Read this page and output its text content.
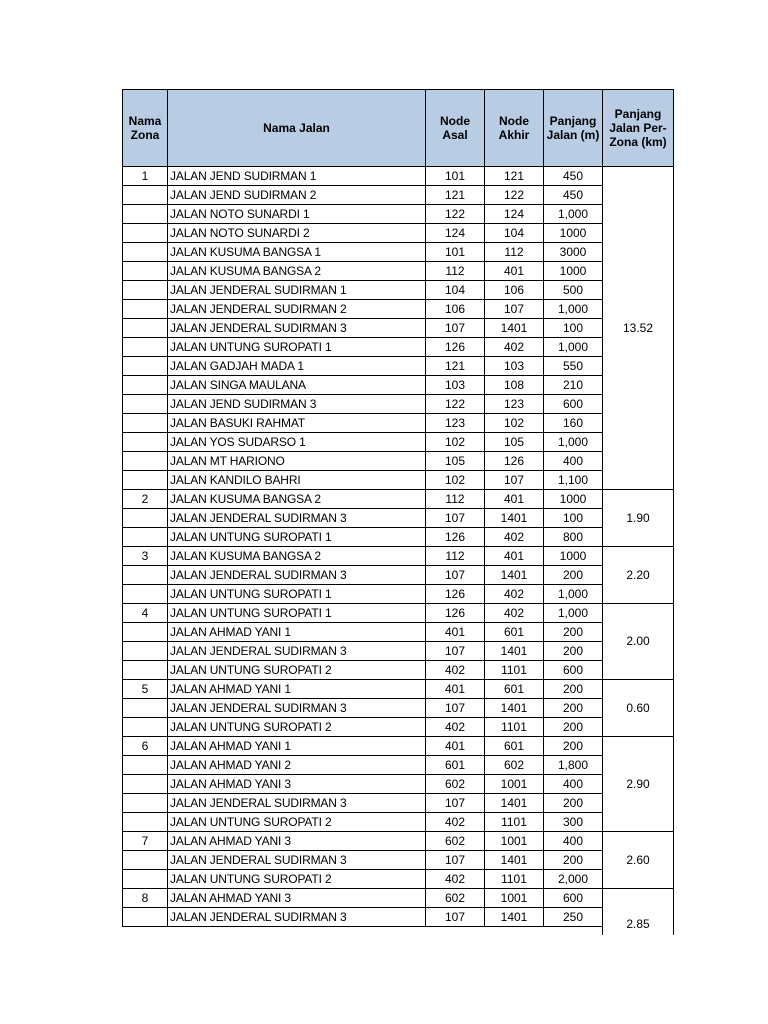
Nama Zona	Nama Jalan	Node Asal	Node Akhir	Panjang Jalan (m)	Panjang Jalan Per-Zona (km)
1	JALAN JEND SUDIRMAN 1	101	121	450	13.52
	JALAN JEND SUDIRMAN 2	121	122	450	
	JALAN NOTO SUNARDI 1	122	124	1,000	
	JALAN NOTO SUNARDI 2	124	104	1000	
	JALAN KUSUMA BANGSA 1	101	112	3000	
	JALAN KUSUMA BANGSA 2	112	401	1000	
	JALAN JENDERAL SUDIRMAN 1	104	106	500	
	JALAN JENDERAL SUDIRMAN 2	106	107	1,000	
	JALAN JENDERAL SUDIRMAN 3	107	1401	100	
	JALAN UNTUNG SUROPATI 1	126	402	1,000	
	JALAN GADJAH MADA 1	121	103	550	
	JALAN SINGA MAULANA	103	108	210	
	JALAN JEND SUDIRMAN 3	122	123	600	
	JALAN BASUKI RAHMAT	123	102	160	
	JALAN YOS SUDARSO 1	102	105	1,000	
	JALAN MT HARIONO	105	126	400	
	JALAN KANDILO BAHRI	102	107	1,100	
2	JALAN KUSUMA BANGSA 2	112	401	1000	1.90
	JALAN JENDERAL SUDIRMAN 3	107	1401	100	
	JALAN UNTUNG SUROPATI 1	126	402	800	
3	JALAN KUSUMA BANGSA 2	112	401	1000	2.20
	JALAN JENDERAL SUDIRMAN 3	107	1401	200	
	JALAN UNTUNG SUROPATI 1	126	402	1,000	
4	JALAN UNTUNG SUROPATI 1	126	402	1,000	2.00
	JALAN AHMAD YANI 1	401	601	200	
	JALAN JENDERAL SUDIRMAN 3	107	1401	200	
	JALAN UNTUNG SUROPATI 2	402	1101	600	
5	JALAN AHMAD YANI 1	401	601	200	0.60
	JALAN JENDERAL SUDIRMAN 3	107	1401	200	
	JALAN UNTUNG SUROPATI 2	402	1101	200	
6	JALAN AHMAD YANI 1	401	601	200	2.90
	JALAN AHMAD YANI 2	601	602	1,800	
	JALAN AHMAD YANI 3	602	1001	400	
	JALAN JENDERAL SUDIRMAN 3	107	1401	200	
	JALAN UNTUNG SUROPATI 2	402	1101	300	
7	JALAN AHMAD YANI 3	602	1001	400	2.60
	JALAN JENDERAL SUDIRMAN 3	107	1401	200	
	JALAN UNTUNG SUROPATI 2	402	1101	2,000	
8	JALAN AHMAD YANI 3	602	1001	600	2.85
	JALAN JENDERAL SUDIRMAN 3	107	1401	250	
